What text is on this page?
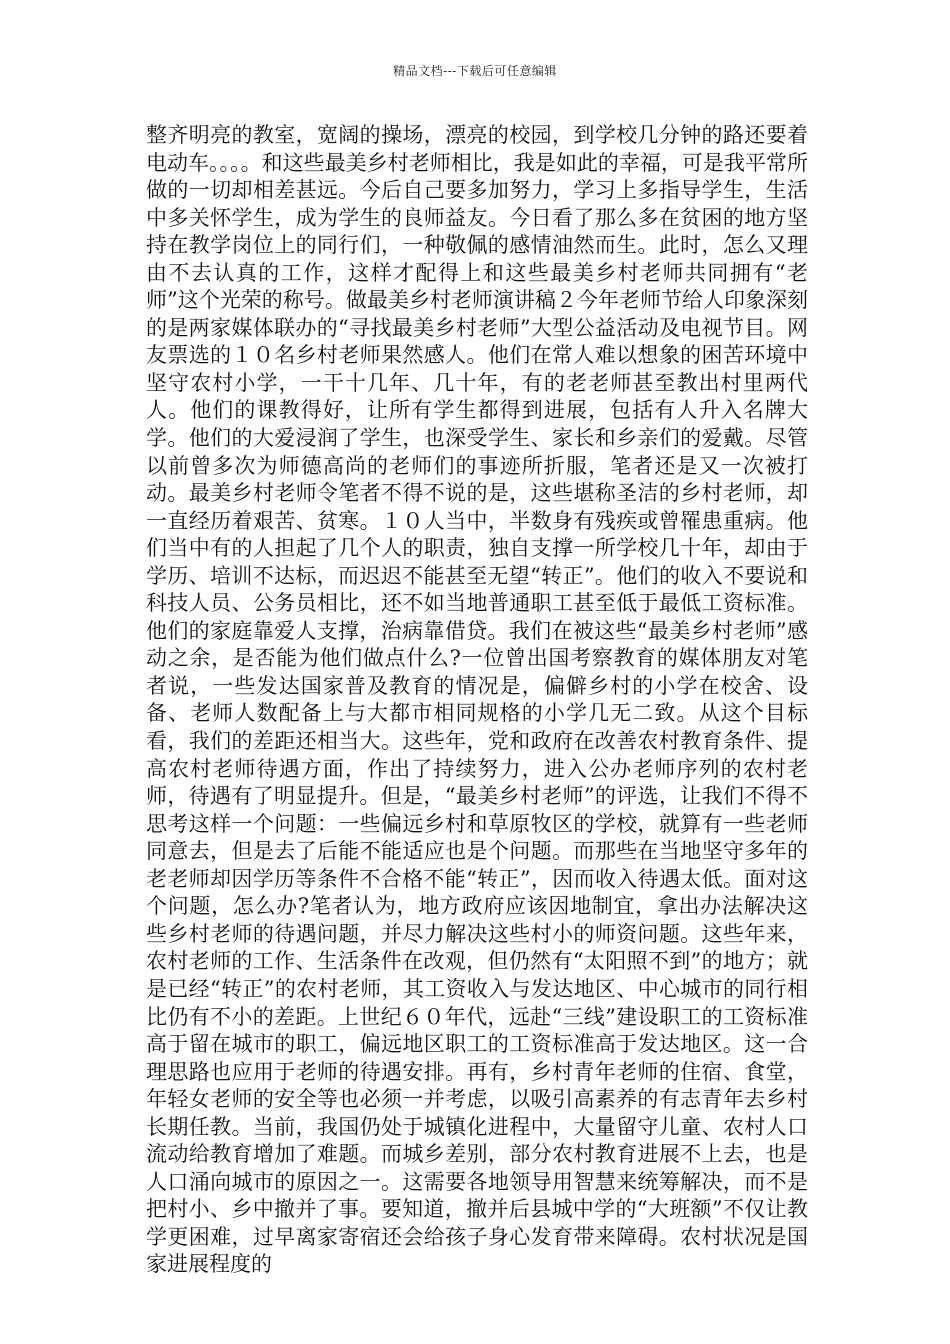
精品文档---下载后可任意编辑

整齐明亮的教室，宽阔的操场，漂亮的校园，到学校几分钟的路还要着电动车。。。。和这些最美乡村老师相比，我是如此的幸福，可是我平常所做的一切却相差甚远。今后自己要多加努力，学习上多指导学生，生活中多关怀学生，成为学生的良师益友。今日看了那么多在贫困的地方坚持在教学岗位上的同行们，一种敬佩的感情油然而生。此时，怎么又理由不去认真的工作，这样才配得上和这些最美乡村老师共同拥有“老师”这个光荣的称号。做最美乡村老师演讲稿２今年老师节给人印象深刻的是两家媒体联办的“寻找最美乡村老师”大型公益活动及电视节目。网友票选的１０名乡村老师果然感人。他们在常人难以想象的困苦环境中坚守农村小学，一干十几年、几十年，有的老老师甚至教出村里两代人。他们的课教得好，让所有学生都得到进展，包括有人升入名牌大学。他们的大爱浸润了学生，也深受学生、家长和乡亲们的爱戴。尽管以前曾多次为师德高尚的老师们的事迹所折服，笔者还是又一次被打动。最美乡村老师令笔者不得不说的是，这些堪称圣洁的乡村老师，却一直经历着艰苦、贫寒。１０人当中，半数身有残疾或曾罹患重病。他们当中有的人担起了几个人的职责，独自支撑一所学校几十年，却由于学历、培训不达标，而迟迟不能甚至无望“转正”。他们的收入不要说和科技人员、公务员相比，还不如当地普通职工甚至低于最低工资标准。他们的家庭靠爱人支撑，治病靠借贷。我们在被这些“最美乡村老师”感动之余，是否能为他们做点什么?一位曾出国考察教育的媒体朋友对笔者说，一些发达国家普及教育的情况是，偏僻乡村的小学在校舍、设备、老师人数配备上与大都市相同规格的小学几无二致。从这个目标看，我们的差距还相当大。这些年，党和政府在改善农村教育条件、提高农村老师待遇方面，作出了持续努力，进入公办老师序列的农村老师，待遇有了明显提升。但是，“最美乡村老师”的评选，让我们不得不思考这样一个问题：一些偏远乡村和草原牧区的学校，就算有一些老师同意去，但是去了后能不能适应也是个问题。而那些在当地坚守多年的老老师却因学历等条件不合格不能“转正”，因而收入待遇太低。面对这个问题，怎么办?笔者认为，地方政府应该因地制宜，拿出办法解决这些乡村老师的待遇问题，并尽力解决这些村小的师资问题。这些年来，农村老师的工作、生活条件在改观，但仍然有“太阳照不到”的地方；就是已经“转正”的农村老师，其工资收入与发达地区、中心城市的同行相比仍有不小的差距。上世纪６０年代，远赴“三线”建设职工的工资标准高于留在城市的职工，偏远地区职工的工资标准高于发达地区。这一合理思路也应用于老师的待遇安排。再有，乡村青年老师的住宿、食堂，年轻女老师的安全等也必须一并考虑，以吸引高素养的有志青年去乡村长期任教。当前，我国仍处于城镇化进程中，大量留守儿童、农村人口流动给教育增加了难题。而城乡差别，部分农村教育进展不上去，也是人口涌向城市的原因之一。这需要各地领导用智慧来统筹解决，而不是把村小、乡中撤并了事。要知道，撤并后县城中学的“大班额”不仅让教学更困难，过早离家寄宿还会给孩子身心发育带来障碍。农村状况是国家进展程度的
